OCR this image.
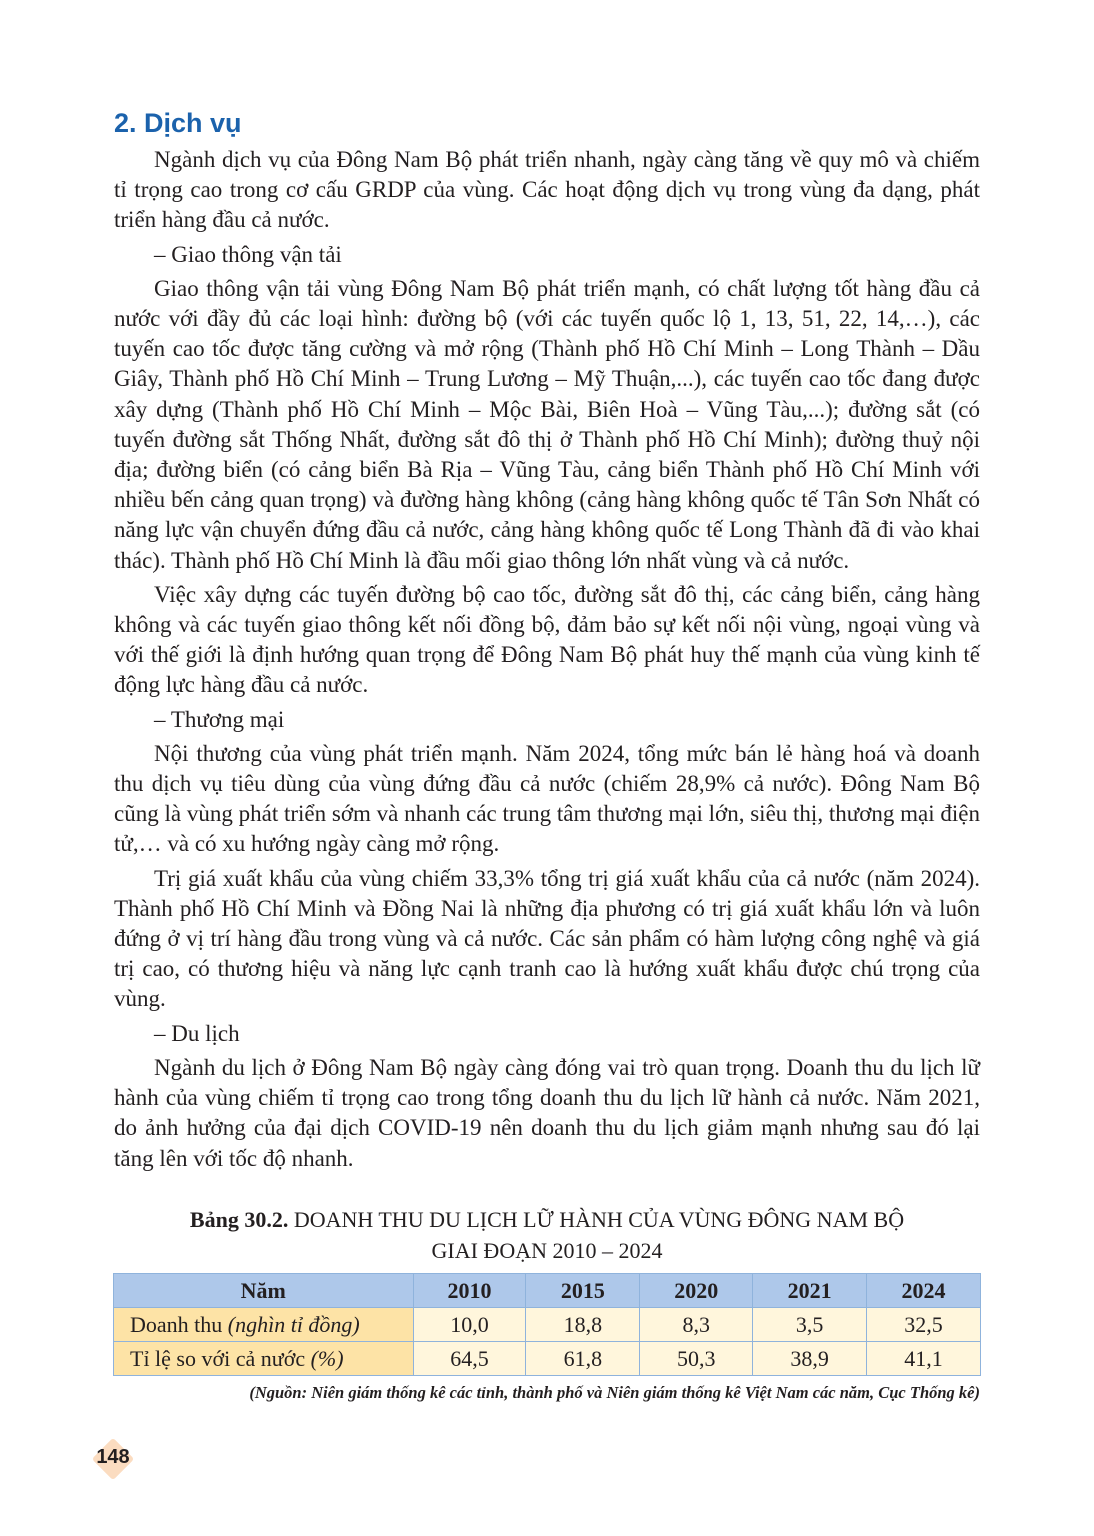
2. Dịch vụ

Ngành dịch vụ của Đông Nam Bộ phát triển nhanh, ngày càng tăng về quy mô và chiếm tỉ trọng cao trong cơ cấu GRDP của vùng. Các hoạt động dịch vụ trong vùng đa dạng, phát triển hàng đầu cả nước.

– Giao thông vận tải

Giao thông vận tải vùng Đông Nam Bộ phát triển mạnh, có chất lượng tốt hàng đầu cả nước với đầy đủ các loại hình: đường bộ (với các tuyến quốc lộ 1, 13, 51, 22, 14,…), các tuyến cao tốc được tăng cường và mở rộng (Thành phố Hồ Chí Minh – Long Thành – Dầu Giây, Thành phố Hồ Chí Minh – Trung Lương – Mỹ Thuận,...), các tuyến cao tốc đang được xây dựng (Thành phố Hồ Chí Minh – Mộc Bài, Biên Hoà – Vũng Tàu,...); đường sắt (có tuyến đường sắt Thống Nhất, đường sắt đô thị ở Thành phố Hồ Chí Minh); đường thuỷ nội địa; đường biển (có cảng biển Bà Rịa – Vũng Tàu, cảng biển Thành phố Hồ Chí Minh với nhiều bến cảng quan trọng) và đường hàng không (cảng hàng không quốc tế Tân Sơn Nhất có năng lực vận chuyển đứng đầu cả nước, cảng hàng không quốc tế Long Thành đã đi vào khai thác). Thành phố Hồ Chí Minh là đầu mối giao thông lớn nhất vùng và cả nước.

Việc xây dựng các tuyến đường bộ cao tốc, đường sắt đô thị, các cảng biển, cảng hàng không và các tuyến giao thông kết nối đồng bộ, đảm bảo sự kết nối nội vùng, ngoại vùng và với thế giới là định hướng quan trọng để Đông Nam Bộ phát huy thế mạnh của vùng kinh tế động lực hàng đầu cả nước.

– Thương mại

Nội thương của vùng phát triển mạnh. Năm 2024, tổng mức bán lẻ hàng hoá và doanh thu dịch vụ tiêu dùng của vùng đứng đầu cả nước (chiếm 28,9% cả nước). Đông Nam Bộ cũng là vùng phát triển sớm và nhanh các trung tâm thương mại lớn, siêu thị, thương mại điện tử,… và có xu hướng ngày càng mở rộng.

Trị giá xuất khẩu của vùng chiếm 33,3% tổng trị giá xuất khẩu của cả nước (năm 2024). Thành phố Hồ Chí Minh và Đồng Nai là những địa phương có trị giá xuất khẩu lớn và luôn đứng ở vị trí hàng đầu trong vùng và cả nước. Các sản phẩm có hàm lượng công nghệ và giá trị cao, có thương hiệu và năng lực cạnh tranh cao là hướng xuất khẩu được chú trọng của vùng.

– Du lịch

Ngành du lịch ở Đông Nam Bộ ngày càng đóng vai trò quan trọng. Doanh thu du lịch lữ hành của vùng chiếm tỉ trọng cao trong tổng doanh thu du lịch lữ hành cả nước. Năm 2021, do ảnh hưởng của đại dịch COVID-19 nên doanh thu du lịch giảm mạnh nhưng sau đó lại tăng lên với tốc độ nhanh.

Bảng 30.2. DOANH THU DU LỊCH LỮ HÀNH CỦA VÙNG ĐÔNG NAM BỘ
GIAI ĐOẠN 2010 – 2024

Năm	2010	2015	2020	2021	2024
Doanh thu (nghìn tỉ đồng)	10,0	18,8	8,3	3,5	32,5
Tỉ lệ so với cả nước (%)	64,5	61,8	50,3	38,9	41,1

(Nguồn: Niên giám thống kê các tỉnh, thành phố và Niên giám thống kê Việt Nam các năm, Cục Thống kê)

148
